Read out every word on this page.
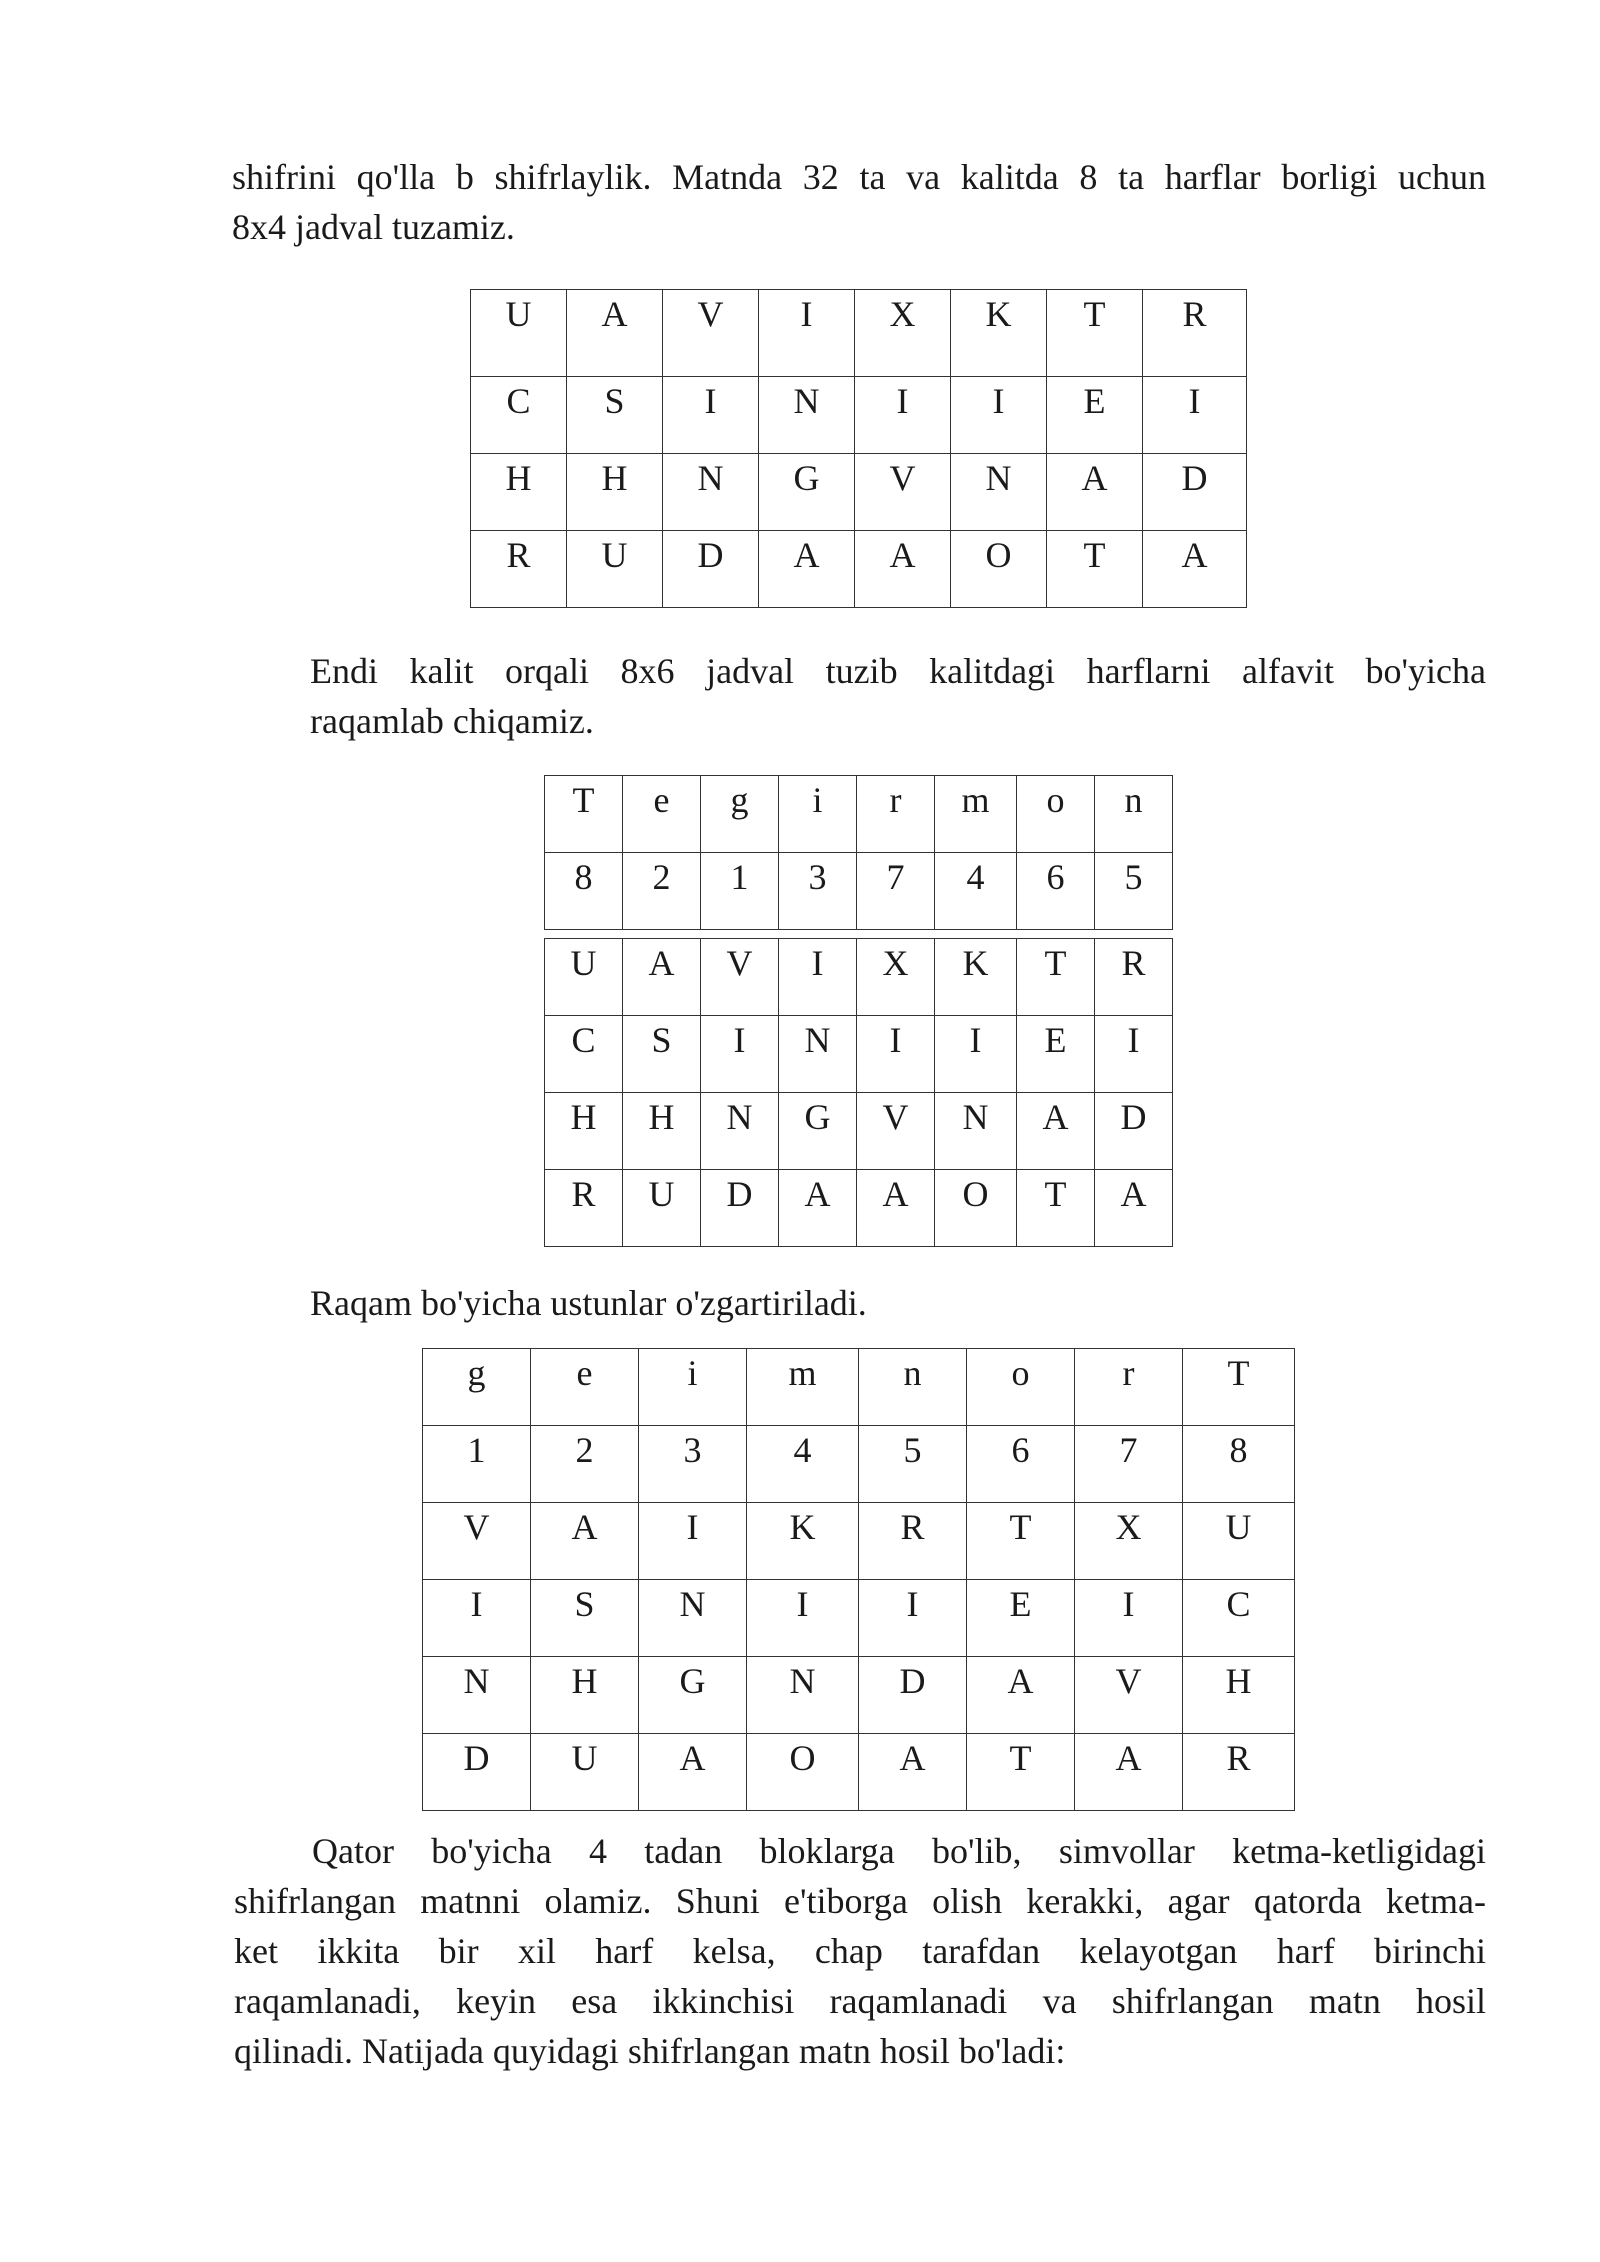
shifrini qo'lla b shifrlaylik. Matnda 32 ta va kalitda 8 ta harflar borligi uchun
8x4 jadval tuzamiz.

U	A	V	I	X	K	T	R
C	S	I	N	I	I	E	I
H	H	N	G	V	N	A	D
R	U	D	A	A	O	T	A

Endi kalit orqali 8x6 jadval tuzib kalitdagi harflarni alfavit bo'yicha
raqamlab chiqamiz.

T	e	g	i	r	m	o	n
8	2	1	3	7	4	6	5
U	A	V	I	X	K	T	R
C	S	I	N	I	I	E	I
H	H	N	G	V	N	A	D
R	U	D	A	A	O	T	A

Raqam bo'yicha ustunlar o'zgartiriladi.

g	e	i	m	n	o	r	T
1	2	3	4	5	6	7	8
V	A	I	K	R	T	X	U
I	S	N	I	I	E	I	C
N	H	G	N	D	A	V	H
D	U	A	O	A	T	A	R

Qator bo'yicha 4 tadan bloklarga bo'lib, simvollar ketma-ketligidagi
shifrlangan matnni olamiz. Shuni e'tiborga olish kerakki, agar qatorda ketma-
ket ikkita bir xil harf kelsa, chap tarafdan kelayotgan harf birinchi
raqamlanadi, keyin esa ikkinchisi raqamlanadi va shifrlangan matn hosil
qilinadi. Natijada quyidagi shifrlangan matn hosil bo'ladi:
